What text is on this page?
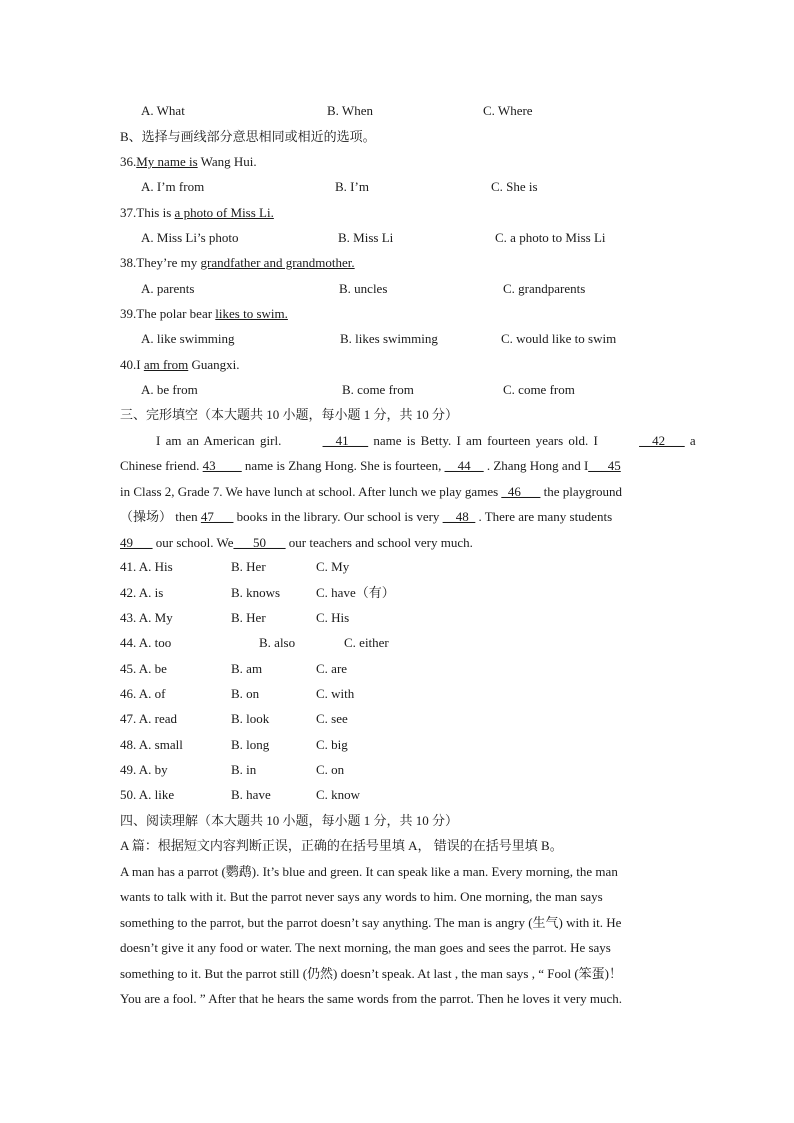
A. What	B. When	C. Where
B、选择与画线部分意思相同或相近的选项。
36.My name is Wang Hui.
A. I’m from	B. I’m	C. She is
37.This is a photo of Miss Li.
A. Miss Li’s photo	B. Miss Li	C. a photo to Miss Li
38.They’re my grandfather and grandmother.
A. parents	B. uncles	C. grandparents
39.The polar bear likes to swim.
A. like swimming	B. likes swimming	C. would like to swim
40.I am from Guangxi.
A. be from	B. come from	C. come from
三、完形填空（本大题共 10 小题，每小题 1 分，共 10 分）
I am an American girl.	__41___ name is Betty. I am fourteen years old. I	__42___ a
Chinese friend. 43____ name is Zhang Hong. She is fourteen, __44__ . Zhang Hong and I___45
in Class 2, Grade 7. We have lunch at school. After lunch we play games _46___ the playground
（操场） then 47___ books in the library. Our school is very __48_ . There are many students
49___ our school. We___50___ our teachers and school very much.
41. A. His	B. Her	C. My
42. A. is	B. knows	C. have（有）
43. A. My	B. Her	C. His
44. A. too	B. also	C. either
45. A. be	B. am	C. are
46. A. of	B. on	C. with
47. A. read	B. look	C. see
48. A. small	B. long	C. big
49. A. by	B. in	C. on
50. A. like	B. have	C. know
四、阅读理解（本大题共 10 小题，每小题 1 分，共 10 分）
A 篇：根据短文内容判断正误，正确的在括号里填 A， 错误的在括号里填 B。
A man has a parrot (鹦鹉). It’s blue and green. It can speak like a man. Every morning, the man
wants to talk with it. But the parrot never says any words to him. One morning, the man says
something to the parrot, but the parrot doesn’t say anything. The man is angry (生气) with it. He
doesn’t give it any food or water. The next morning, the man goes and sees the parrot. He says
something to it. But the parrot still (仍然) doesn’t speak. At last , the man says , “ Fool (笨蛋)！
You are a fool. ” After that he hears the same words from the parrot. Then he loves it very much.
